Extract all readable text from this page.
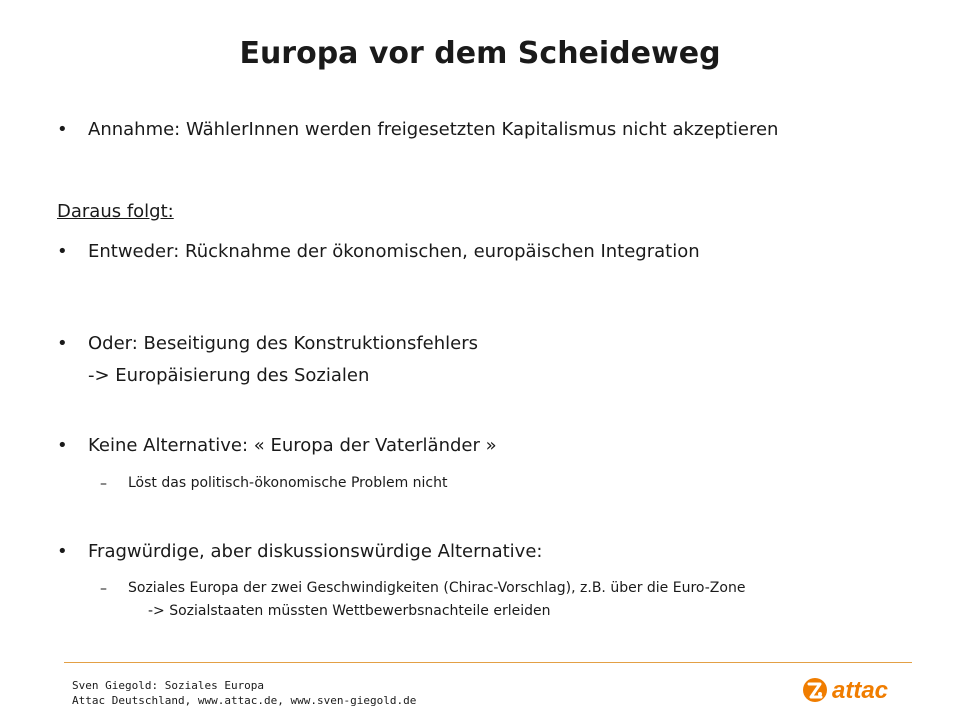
Europa vor dem Scheideweg
• Annahme: WählerInnen werden freigesetzten Kapitalismus nicht akzeptieren
Daraus folgt:
• Entweder: Rücknahme der ökonomischen, europäischen Integration
• Oder: Beseitigung des Konstruktionsfehlers
-> Europäisierung des Sozialen
• Keine Alternative: « Europa der Vaterländer »
– Löst das politisch-ökonomische Problem nicht
• Fragwürdige, aber diskussionswürdige Alternative:
– Soziales Europa der zwei Geschwindigkeiten (Chirac-Vorschlag), z.B. über die Euro-Zone
-> Sozialstaaten müssten Wettbewerbsnachteile erleiden
Sven Giegold: Soziales Europa
Attac Deutschland, www.attac.de, www.sven-giegold.de	attac
